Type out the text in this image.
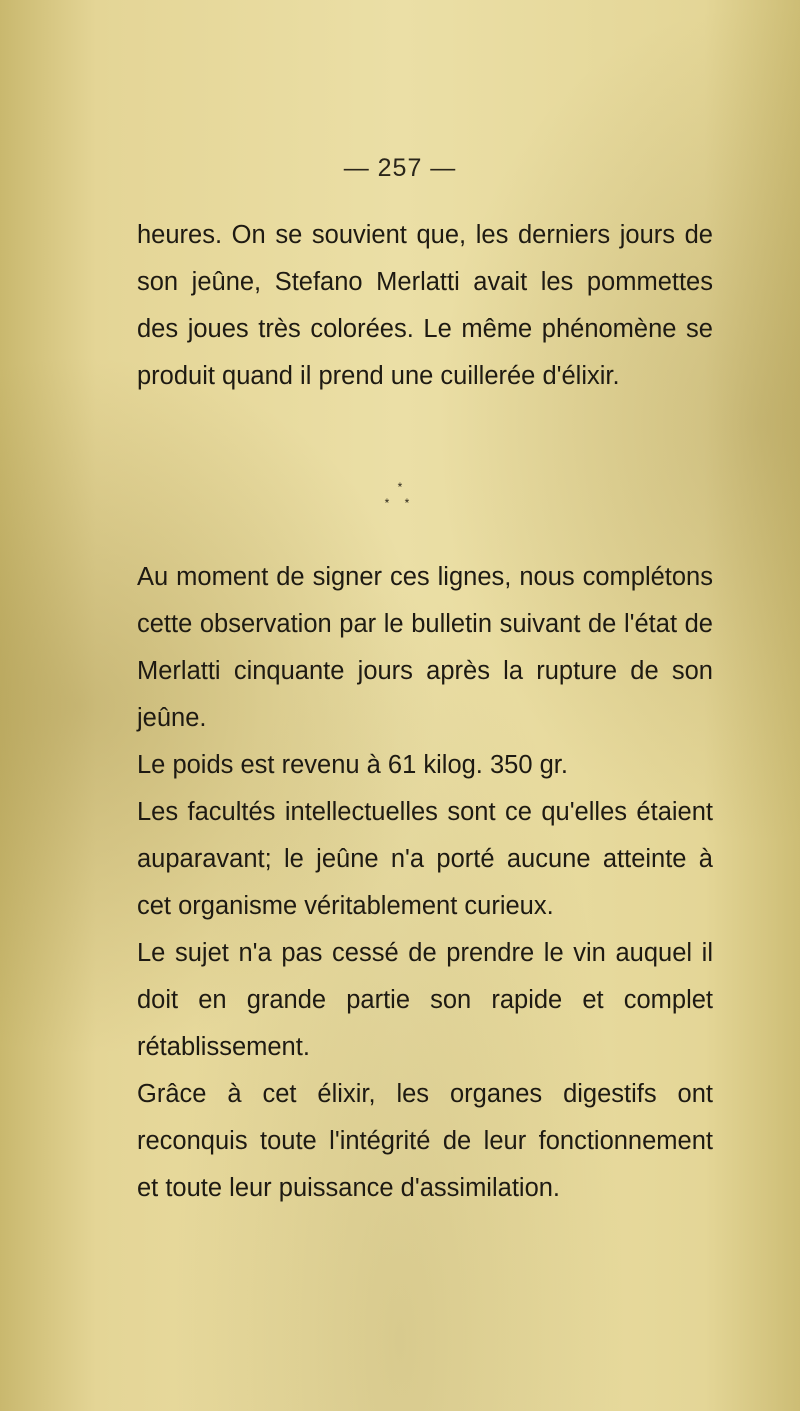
— 257 —

heures. On se souvient que, les derniers jours de son jeûne, Stefano Merlatti avait les pommettes des joues très colorées. Le même phénomène se produit quand il prend une cuillerée d'élixir.

*
* *

Au moment de signer ces lignes, nous complétons cette observation par le bulletin suivant de l'état de Merlatti cinquante jours après la rupture de son jeûne.

Le poids est revenu à 61 kilog. 350 gr.

Les facultés intellectuelles sont ce qu'elles étaient auparavant; le jeûne n'a porté aucune atteinte à cet organisme véritablement curieux.

Le sujet n'a pas cessé de prendre le vin auquel il doit en grande partie son rapide et complet rétablissement.

Grâce à cet élixir, les organes digestifs ont reconquis toute l'intégrité de leur fonctionnement et toute leur puissance d'assimilation.
